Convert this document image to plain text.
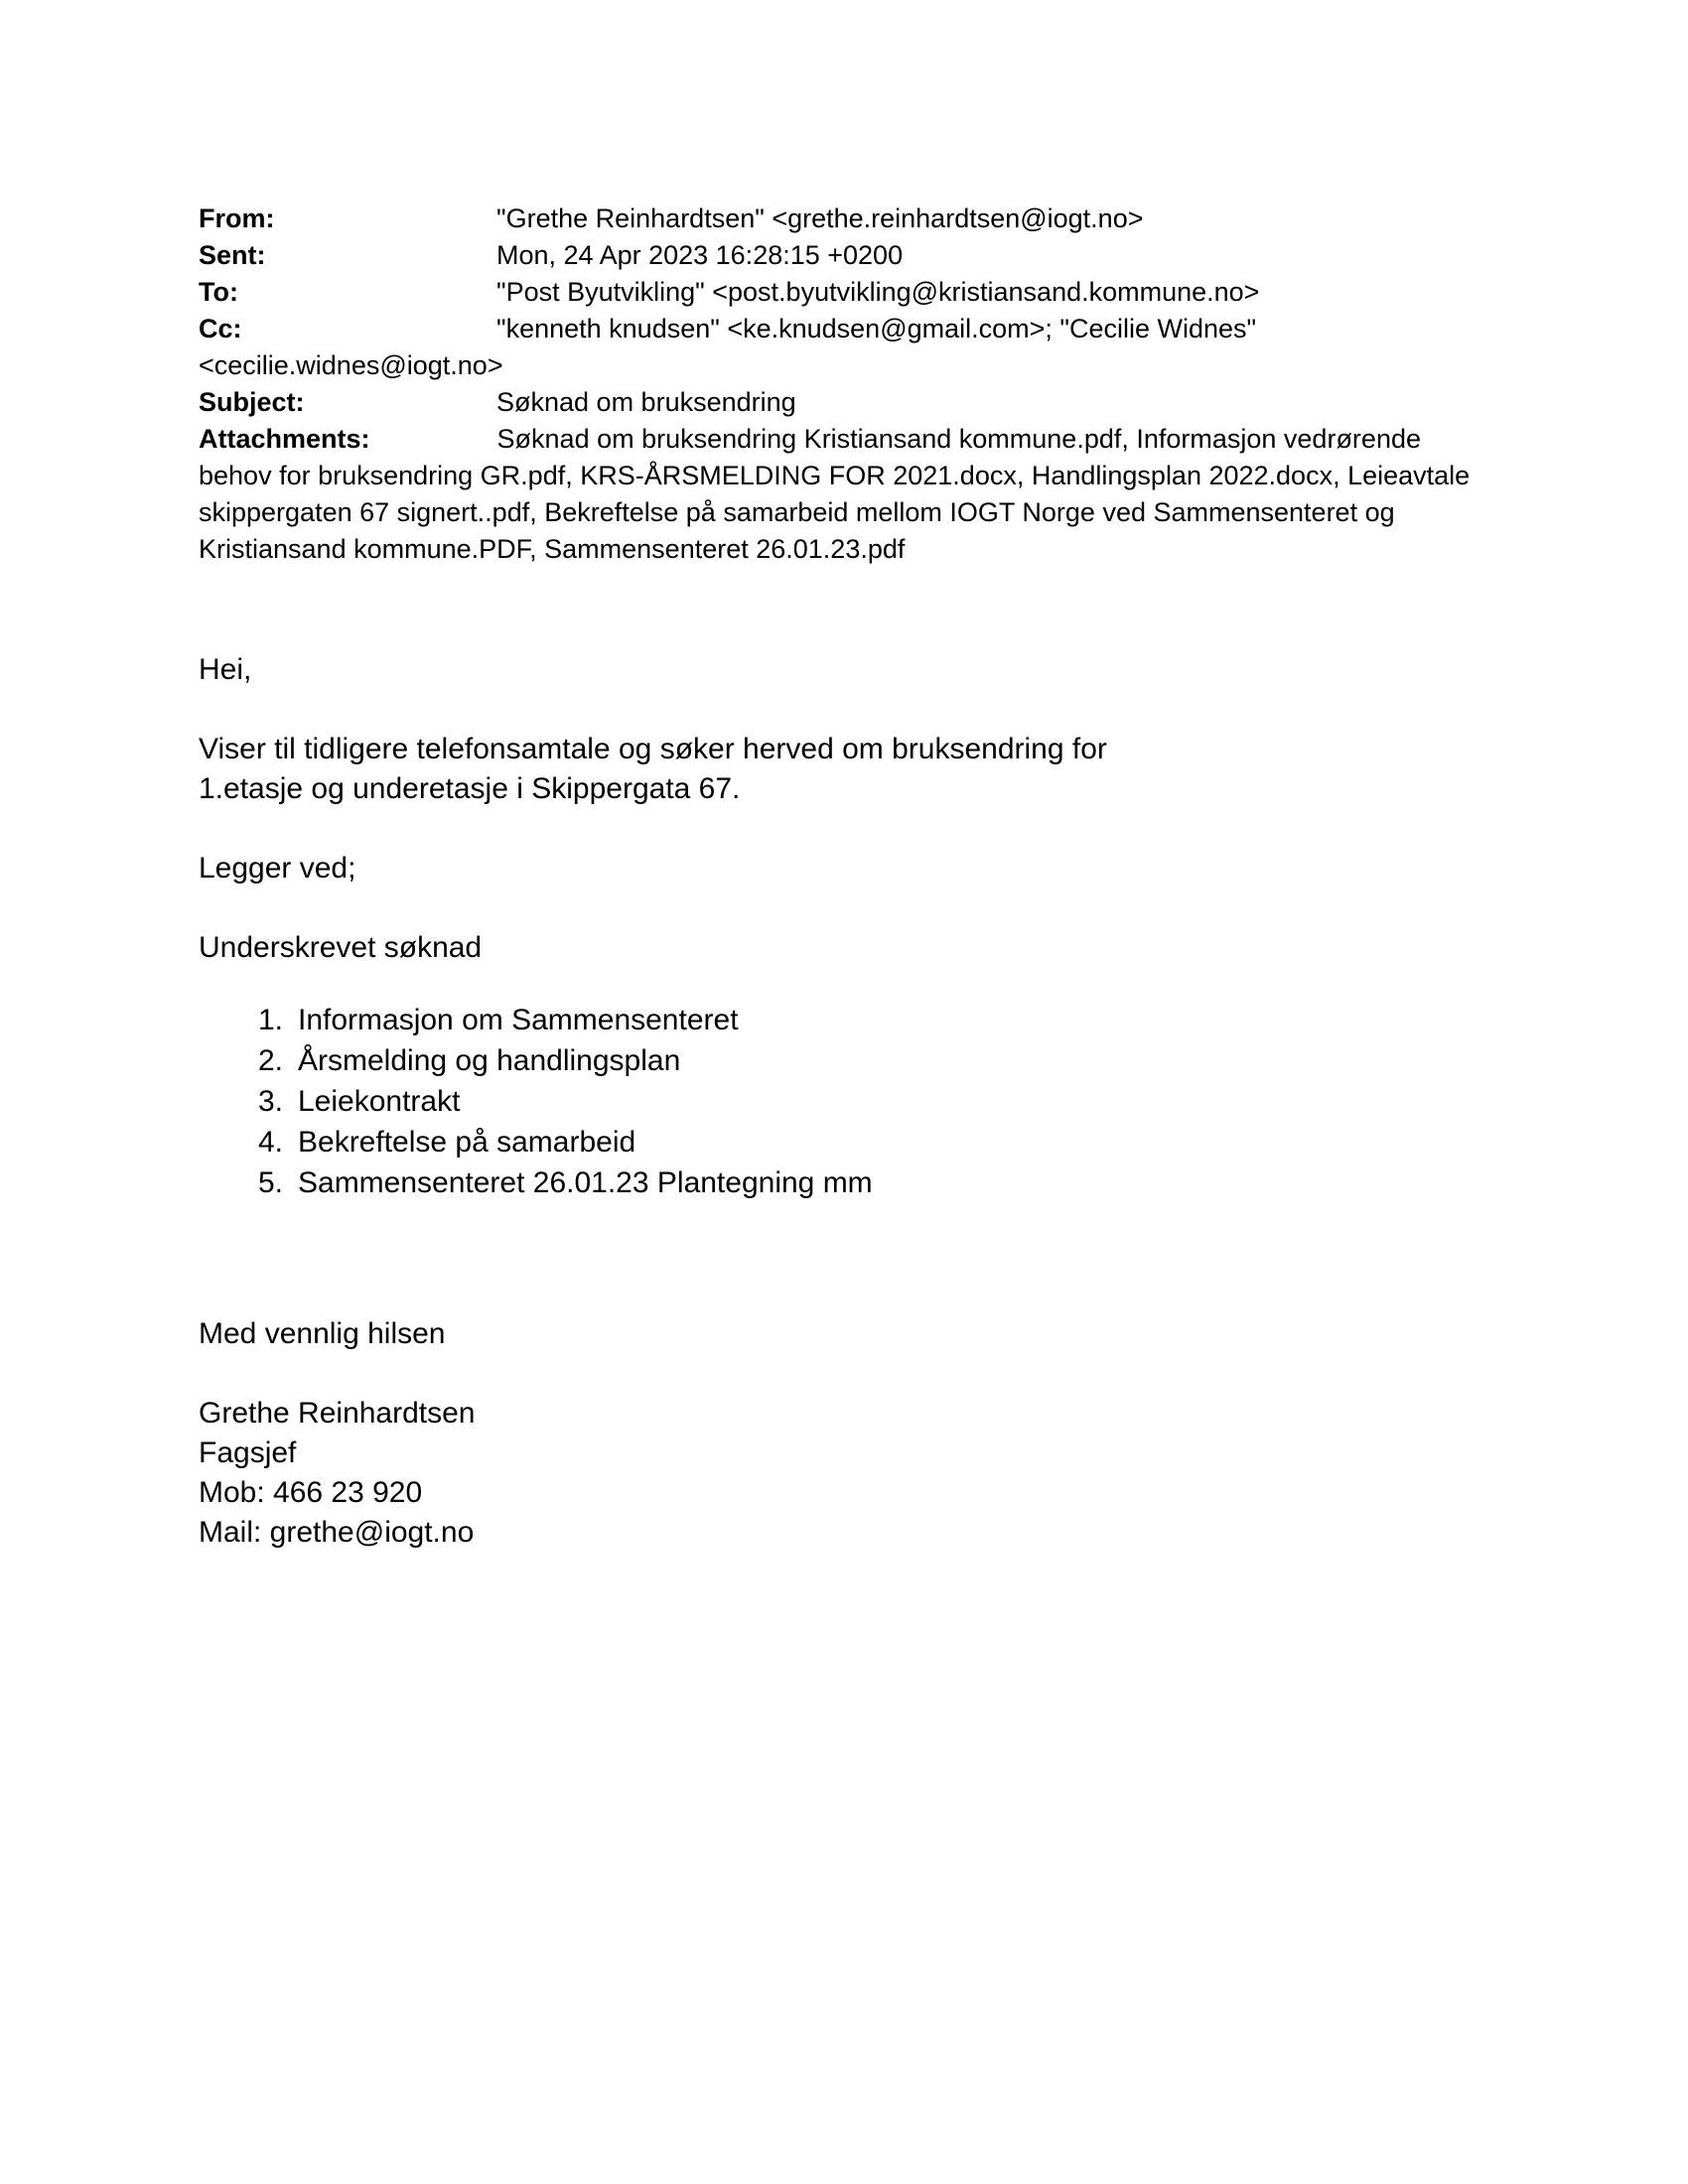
From:	"Grethe Reinhardtsen" <grethe.reinhardtsen@iogt.no>
Sent:	Mon, 24 Apr 2023 16:28:15 +0200
To:	"Post Byutvikling" <post.byutvikling@kristiansand.kommune.no>
Cc:	"kenneth knudsen" <ke.knudsen@gmail.com>; "Cecilie Widnes"
<cecilie.widnes@iogt.no>
Subject:	Søknad om bruksendring
Attachments:	Søknad om bruksendring Kristiansand kommune.pdf, Informasjon vedrørende
behov for bruksendring GR.pdf, KRS-ÅRSMELDING FOR 2021.docx, Handlingsplan 2022.docx, Leieavtale
skippergaten 67 signert..pdf, Bekreftelse på samarbeid mellom IOGT Norge ved Sammensenteret og
Kristiansand kommune.PDF, Sammensenteret 26.01.23.pdf

Hei,

Viser til tidligere telefonsamtale og søker herved om bruksendring for
1.etasje og underetasje i Skippergata 67.

Legger ved;

Underskrevet søknad

1. Informasjon om Sammensenteret
2. Årsmelding og handlingsplan
3. Leiekontrakt
4. Bekreftelse på samarbeid
5. Sammensenteret 26.01.23 Plantegning mm

Med vennlig hilsen

Grethe Reinhardtsen
Fagsjef
Mob: 466 23 920
Mail: grethe@iogt.no
